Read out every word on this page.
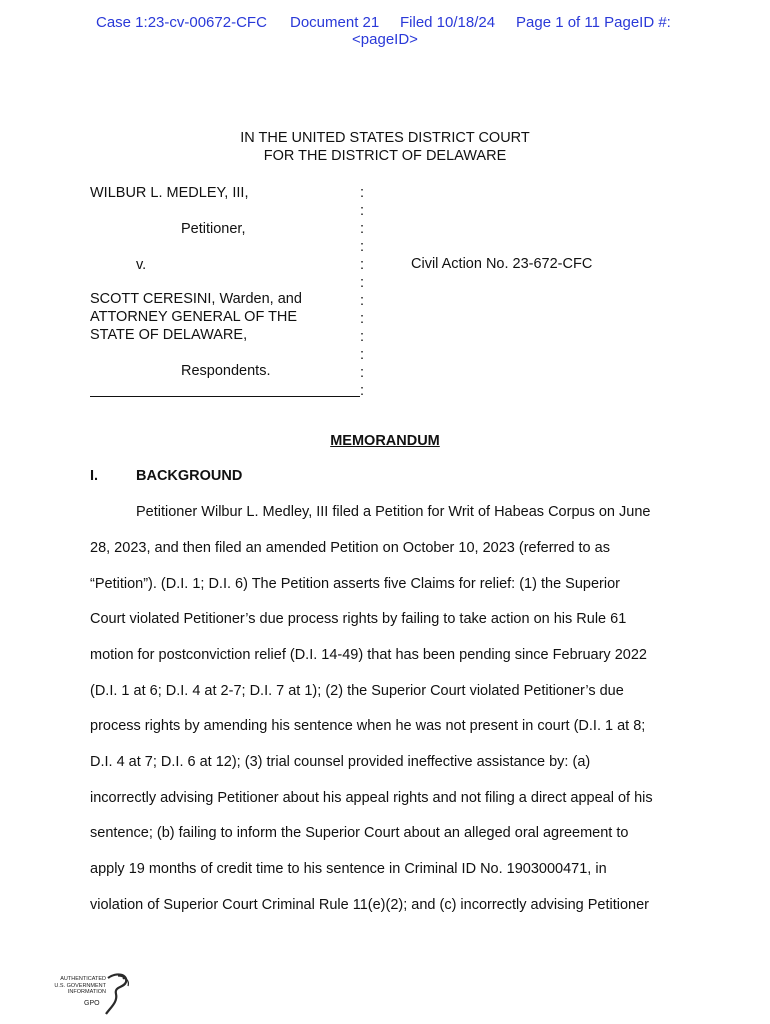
Case 1:23-cv-00672-CFC Document 21 Filed 10/18/24 Page 1 of 11 PageID #:
<pageID>
IN THE UNITED STATES DISTRICT COURT
FOR THE DISTRICT OF DELAWARE
WILBUR L. MEDLEY, III,
Petitioner,
v.
SCOTT CERESINI, Warden, and
ATTORNEY GENERAL OF THE
STATE OF DELAWARE,
Respondents.
:
:
:
:
:
:
:
:
:
:
:
:
Civil Action No. 23-672-CFC
MEMORANDUM
I.	BACKGROUND
Petitioner Wilbur L. Medley, III filed a Petition for Writ of Habeas Corpus on June
28, 2023, and then filed an amended Petition on October 10, 2023 (referred to as
“Petition”). (D.I. 1; D.I. 6) The Petition asserts five Claims for relief: (1) the Superior
Court violated Petitioner’s due process rights by failing to take action on his Rule 61
motion for postconviction relief (D.I. 14-49) that has been pending since February 2022
(D.I. 1 at 6; D.I. 4 at 2-7; D.I. 7 at 1); (2) the Superior Court violated Petitioner’s due
process rights by amending his sentence when he was not present in court (D.I. 1 at 8;
D.I. 4 at 7; D.I. 6 at 12); (3) trial counsel provided ineffective assistance by: (a)
incorrectly advising Petitioner about his appeal rights and not filing a direct appeal of his
sentence; (b) failing to inform the Superior Court about an alleged oral agreement to
apply 19 months of credit time to his sentence in Criminal ID No. 1903000471, in
violation of Superior Court Criminal Rule 11(e)(2); and (c) incorrectly advising Petitioner
AUTHENTICATED
U.S. GOVERNMENT
INFORMATION
GPO
